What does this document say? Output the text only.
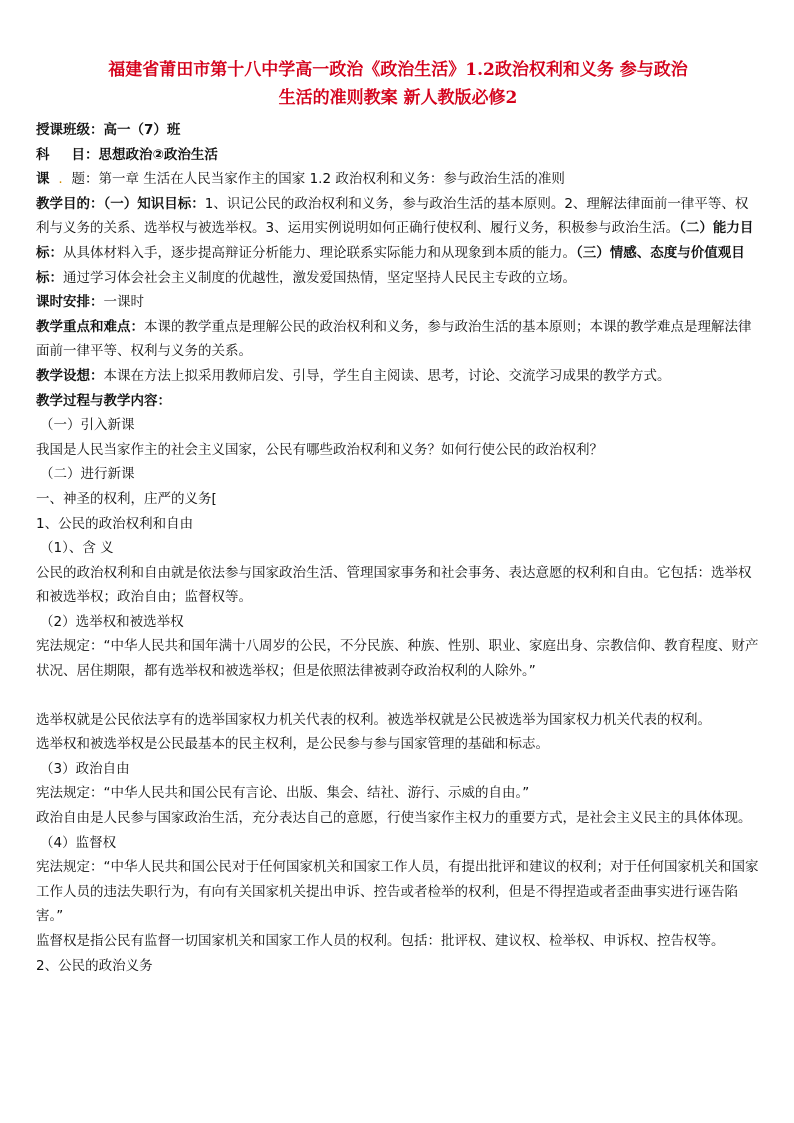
福建省莆田市第十八中学高一政治《政治生活》1.2政治权利和义务 参与政治
生活的准则教案 新人教版必修2

授课班级：高一（7）班

科 目：思想政治②政治生活

课 . 题：第一章 生活在人民当家作主的国家 1.2 政治权利和义务：参与政治生活的准则

教学目的：（一）知识目标：1、识记公民的政治权利和义务，参与政治生活的基本原则。2、理解法律面前一律平等、权利与义务的关系、选举权与被选举权。3、运用实例说明如何正确行使权利、履行义务，积极参与政治生活。（二）能力目标：从具体材料入手，逐步提高辩证分析能力、理论联系实际能力和从现象到本质的能力。（三）情感、态度与价值观目标：通过学习体会社会主义制度的优越性，激发爱国热情，坚定坚持人民民主专政的立场。

课时安排：一课时

教学重点和难点：本课的教学重点是理解公民的政治权利和义务，参与政治生活的基本原则；本课的教学难点是理解法律面前一律平等、权利与义务的关系。

教学设想：本课在方法上拟采用教师启发、引导，学生自主阅读、思考，讨论、交流学习成果的教学方式。

教学过程与教学内容：

（一）引入新课

我国是人民当家作主的社会主义国家，公民有哪些政治权利和义务？如何行使公民的政治权利？

（二）进行新课

一、神圣的权利，庄严的义务[

1、公民的政治权利和自由

（1）、含 义

公民的政治权利和自由就是依法参与国家政治生活、管理国家事务和社会事务、表达意愿的权利和自由。它包括：选举权和被选举权；政治自由；监督权等。

（2）选举权和被选举权

宪法规定：“中华人民共和国年满十八周岁的公民，不分民族、种族、性别、职业、家庭出身、宗教信仰、教育程度、财产状况、居住期限，都有选举权和被选举权；但是依照法律被剥夺政治权利的人除外。”

选举权就是公民依法享有的选举国家权力机关代表的权利。被选举权就是公民被选举为国家权力机关代表的权利。

选举权和被选举权是公民最基本的民主权利，是公民参与参与国家管理的基础和标志。

（3）政治自由

宪法规定：“中华人民共和国公民有言论、出版、集会、结社、游行、示威的自由。”

政治自由是人民参与国家政治生活，充分表达自己的意愿，行使当家作主权力的重要方式，是社会主义民主的具体体现。

（4）监督权

宪法规定：“中华人民共和国公民对于任何国家机关和国家工作人员，有提出批评和建议的权利；对于任何国家机关和国家工作人员的违法失职行为，有向有关国家机关提出申诉、控告或者检举的权利，但是不得捏造或者歪曲事实进行诬告陷害。”

监督权是指公民有监督一切国家机关和国家工作人员的权利。包括：批评权、建议权、检举权、申诉权、控告权等。

2、公民的政治义务
